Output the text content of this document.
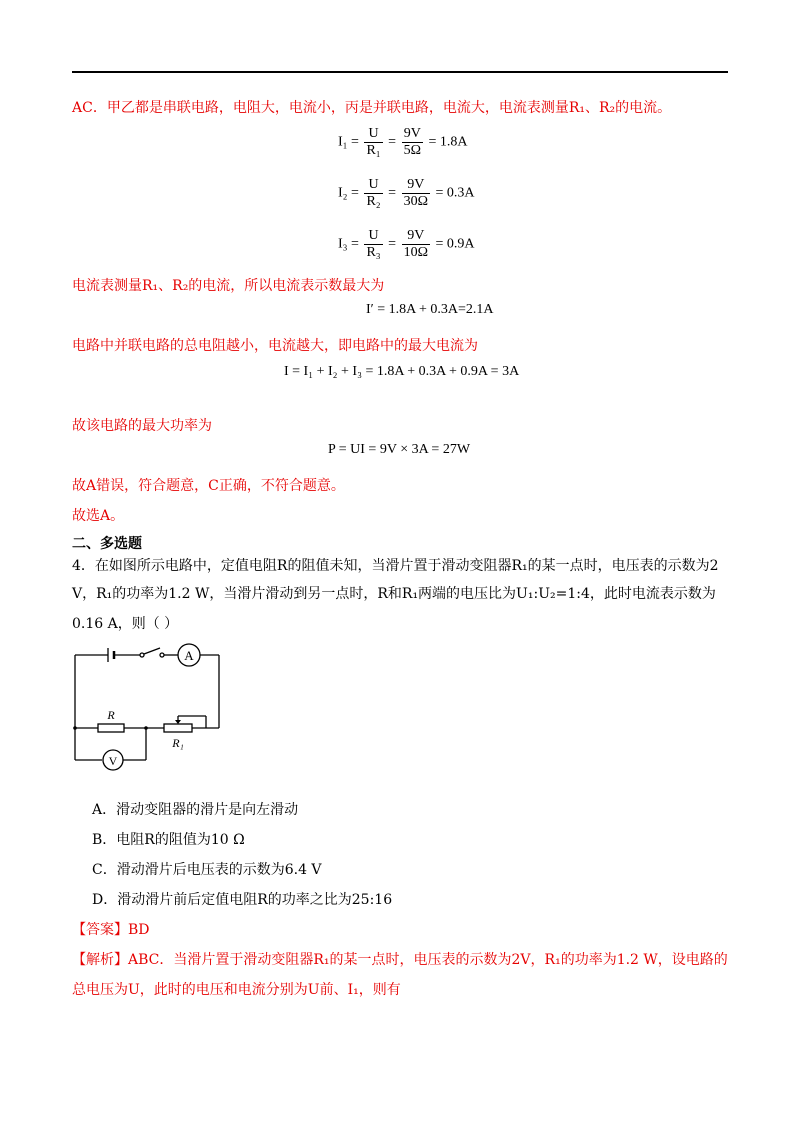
AC．甲乙都是串联电路，电阻大，电流小，丙是并联电路，电流大，电流表测量R₁、R₂的电流。
$I_1 = \frac{U}{\text{R₁}} = \frac{9V}{5\Omega} = 1.8A$
$I_2 = \frac{U}{\text{R₂}} = \frac{9V}{30\Omega} = 0.3A$
$I_3 = \frac{U}{\text{R₃}} = \frac{9V}{10\Omega} = 0.9A$
电流表测量R₁、R₂的电流，所以电流表示数最大为
I′ = 1.8A + 0.3A=2.1A
电路中并联电路的总电阻越小，电流越大，即电路中的最大电流为
I = I₁ + I₂ + I₃ = 1.8A + 0.3A + 0.9A = 3A
故该电路的最大功率为
P = UI = 9V × 3A = 27W
故A错误，符合题意，C正确，不符合题意。
故选A。
二、多选题
4．在如图所示电路中，定值电阻R的阻值未知，当滑片置于滑动变阻器R₁的某一点时，电压表的示数为2
V，R₁的功率为1.2 W，当滑片滑动到另一点时，R和R₁两端的电压比为U₁:U₂=1:4，此时电流表示数为
0.16 A，则（ ）
A
V
R
R₁
A．滑动变阻器的滑片是向左滑动
B．电阻R的阻值为10 Ω
C．滑动滑片后电压表的示数为6.4 V
D．滑动滑片前后定值电阻R的功率之比为25:16
【答案】BD
【解析】ABC．当滑片置于滑动变阻器R₁的某一点时，电压表的示数为2V，R₁的功率为1.2 W，设电路的
总电压为U，此时的电压和电流分别为U前、I₁，则有
